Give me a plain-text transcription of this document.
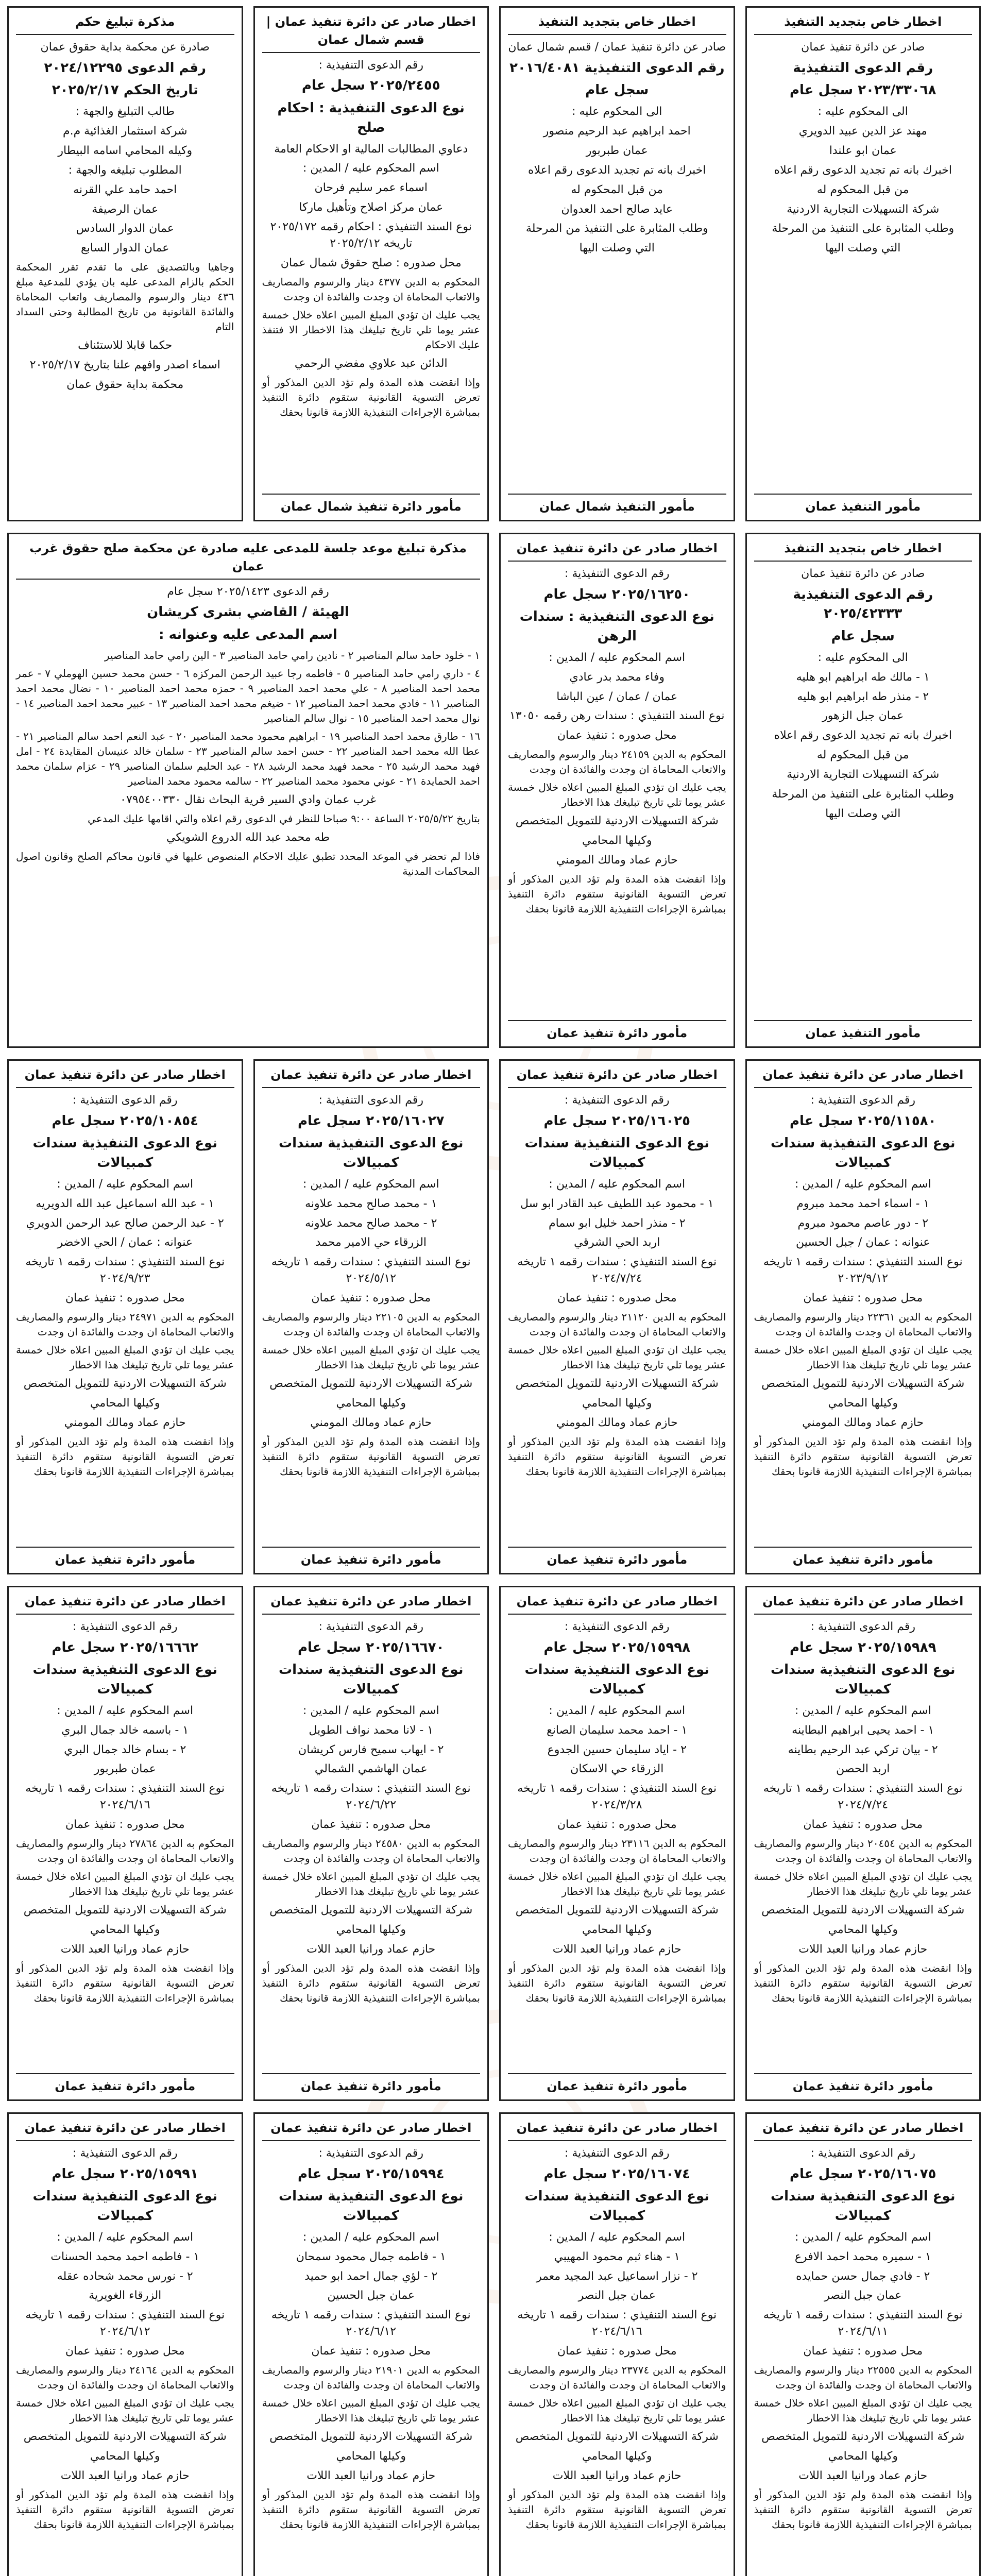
اخطار خاص بتجديد التنفيذ

صادر عن دائرة تنفيذ عمان

رقم الدعوى التنفيذية

٢٠٢٣/٣٣٠٦٨ سجل عام

الى المحكوم عليه :

مهند عز الدين عبيد الدويري

عمان ابو علندا

اخبرك بانه تم تجديد الدعوى رقم اعلاه

من قبل المحكوم له

شركة التسهيلات التجارية الاردنية

وطلب المثابرة على التنفيذ من المرحلة

التي وصلت اليها

مأمور التنفيذ عمان
اخطار خاص بتجديد التنفيذ

صادر عن دائرة تنفيذ عمان / قسم شمال عمان

رقم الدعوى التنفيذية ٢٠١٦/٤٠٨١

سجل عام

الى المحكوم عليه :

احمد ابراهيم عبد الرحيم منصور

عمان طبربور

اخبرك بانه تم تجديد الدعوى رقم اعلاه

من قبل المحكوم له

عايد صالح احمد العدوان

وطلب المثابرة على التنفيذ من المرحلة

التي وصلت اليها

مأمور التنفيذ شمال عمان
اخطار صادر عن دائرة تنفيذ عمان | قسم شمال عمان

رقم الدعوى التنفيذية :

٢٠٢٥/٢٤٥٥ سجل عام

نوع الدعوى التنفيذية : احكام صلح

دعاوي المطالبات المالية او الاحكام العامة

اسم المحكوم عليه / المدين :

اسماء عمر سليم فرحان

عمان مركز اصلاح وتأهيل ماركا

نوع السند التنفيذي : احكام رقمه ٢٠٢٥/١٧٢ تاريخه ٢٠٢٥/٢/١٢

محل صدوره : صلح حقوق شمال عمان

المحكوم به الدين ٤٣٧٧ دينار والرسوم والمصاريف والاتعاب المحاماة ان وجدت والفائدة ان وجدت

يجب عليك ان تؤدي المبلغ المبين اعلاه خلال خمسة عشر يوما تلي تاريخ تبليغك هذا الاخطار الا فتنفذ عليك الاحكام

الدائن عبد علاوي مفضي الرحمي

وإذا انقضت هذه المدة ولم تؤد الدين المذكور أو تعرض التسوية القانونية ستقوم دائرة التنفيذ بمباشرة الإجراءات التنفيذية اللازمة قانونا بحقك

مأمور دائرة تنفيذ شمال عمان
مذكرة تبليغ حكم

صادرة عن محكمة بداية حقوق عمان

رقم الدعوى ٢٠٢٤/١٢٢٩٥

تاريخ الحكم ٢٠٢٥/٢/١٧

طالب التبليغ والجهة :

شركة استثمار الغذائية م.م

وكيله المحامي اسامه البيطار

المطلوب تبليغه والجهة :

احمد حامد علي القرنه

عمان الرصيفة

عمان الدوار السادس

عمان الدوار السابع

وجاهيا وبالتصديق على ما تقدم تقرر المحكمة الحكم بالزام المدعى عليه بان يؤدي للمدعية مبلغ ٤٣٦ دينار والرسوم والمصاريف واتعاب المحاماة والفائدة القانونية من تاريخ المطالبة وحتى السداد التام

حكما قابلا للاستئناف

اسماء اصدر وافهم علنا بتاريخ ٢٠٢٥/٢/١٧

محكمة بداية حقوق عمان

اخطار خاص بتجديد التنفيذ

صادر عن دائرة تنفيذ عمان

رقم الدعوى التنفيذية ٢٠٢٥/٤٢٣٣٣

سجل عام

الى المحكوم عليه :

١ - مالك طه ابراهيم ابو هليه

٢ - منذر طه ابراهيم ابو هليه

عمان جبل الزهور

اخبرك بانه تم تجديد الدعوى رقم اعلاه

من قبل المحكوم له

شركة التسهيلات التجارية الاردنية

وطلب المثابرة على التنفيذ من المرحلة

التي وصلت اليها

مأمور التنفيذ عمان
اخطار صادر عن دائرة تنفيذ عمان

رقم الدعوى التنفيذية :

٢٠٢٥/١٦٢٥٠ سجل عام

نوع الدعوى التنفيذية : سندات الرهن

اسم المحكوم عليه / المدين :

وفاء محمد بدر عادي

عمان / عمان / عين الباشا

نوع السند التنفيذي : سندات رهن رقمه ١٣٠٥٠

محل صدوره : تنفيذ عمان

المحكوم به الدين ٢٤١٥٩ دينار والرسوم والمصاريف والاتعاب المحاماة ان وجدت والفائدة ان وجدت

يجب عليك ان تؤدي المبلغ المبين اعلاه خلال خمسة عشر يوما تلي تاريخ تبليغك هذا الاخطار

شركة التسهيلات الاردنية للتمويل المتخصص

وكيلها المحامي

حازم عماد ومالك المومني

وإذا انقضت هذه المدة ولم تؤد الدين المذكور أو تعرض التسوية القانونية ستقوم دائرة التنفيذ بمباشرة الإجراءات التنفيذية اللازمة قانونا بحقك

مأمور دائرة تنفيذ عمان
مذكرة تبليغ موعد جلسة للمدعى عليه صادرة عن محكمة صلح حقوق غرب عمان

رقم الدعوى ٢٠٢٥/١٤٢٣ سجل عام

الهيئة / القاضي بشرى كريشان

اسم المدعى عليه وعنوانه :

١ - خلود حامد سالم المناصير ٢ - نادين رامي حامد المناصير ٣ - الين رامي حامد المناصير

٤ - داري رامي حامد المناصير ٥ - فاطمه رجا عبيد الرحمن المركزه ٦ - حسن محمد حسين الهوملي ٧ - عمر محمد احمد المناصير ٨ - علي محمد احمد المناصير ٩ - حمزه محمد احمد المناصير ١٠ - نضال محمد احمد المناصير ١١ - فادي محمد احمد المناصير ١٢ - ضيغم محمد احمد المناصير ١٣ - عبير محمد احمد المناصير ١٤ - نوال محمد احمد المناصير ١٥ - نوال سالم المناصير

١٦ - طارق محمد احمد المناصير ١٩ - ابراهيم محمود محمد المناصير ٢٠ - عبد النعم احمد سالم المناصير ٢١ - عطا الله محمد احمد المناصير ٢٢ - حسن احمد سالم المناصير ٢٣ - سلمان خالد عنيسان المقايدة ٢٤ - امل فهيد محمد الرشيد ٢٥ - محمد فهيد محمد الرشيد ٢٨ - عبد الحليم سلمان المناصير ٢٩ - عزام سلمان محمد احمد الحمايدة ٢١ - عوني محمود محمد المناصير ٢٢ - سالمه محمود محمد المناصير

غرب عمان وادي السير قرية البحاث نقال ٠٧٩٥٤٠٠٣٣٠

بتاريخ ٢٠٢٥/٥/٢٢ الساعة ٩:٠٠ صباحا للنظر في الدعوى رقم اعلاه والتي اقامها عليك المدعي

طه محمد عبد الله الدروع الشويكي

فاذا لم تحضر في الموعد المحدد تطبق عليك الاحكام المنصوص عليها في قانون محاكم الصلح وقانون اصول المحاكمات المدنية

اخطار صادر عن دائرة تنفيذ عمان

رقم الدعوى التنفيذية :

٢٠٢٥/١١٥٨٠ سجل عام

نوع الدعوى التنفيذية سندات كمبيالات

اسم المحكوم عليه / المدين :

١ - اسماء احمد محمد مبروم

٢ - دور عاصم محمود مبروم

عنوانه : عمان / جبل الحسين

نوع السند التنفيذي : سندات رقمه ١ تاريخه ٢٠٢٣/٩/١٢

محل صدوره : تنفيذ عمان

المحكوم به الدين ٢٢٣٦١ دينار والرسوم والمصاريف والاتعاب المحاماة ان وجدت والفائدة ان وجدت

يجب عليك ان تؤدي المبلغ المبين اعلاه خلال خمسة عشر يوما تلي تاريخ تبليغك هذا الاخطار

شركة التسهيلات الاردنية للتمويل المتخصص

وكيلها المحامي

حازم عماد ومالك المومني

وإذا انقضت هذه المدة ولم تؤد الدين المذكور أو تعرض التسوية القانونية ستقوم دائرة التنفيذ بمباشرة الإجراءات التنفيذية اللازمة قانونا بحقك

مأمور دائرة تنفيذ عمان
اخطار صادر عن دائرة تنفيذ عمان

رقم الدعوى التنفيذية :

٢٠٢٥/١٦٠٢٥ سجل عام

نوع الدعوى التنفيذية سندات كمبيالات

اسم المحكوم عليه / المدين :

١ - محمود عبد اللطيف عبد القادر ابو سل

٢ - منذر احمد خليل ابو سمام

اربد الحي الشرقي

نوع السند التنفيذي : سندات رقمه ١ تاريخه ٢٠٢٤/٧/٢٤

محل صدوره : تنفيذ عمان

المحكوم به الدين ٢١١٢٠ دينار والرسوم والمصاريف والاتعاب المحاماة ان وجدت والفائدة ان وجدت

يجب عليك ان تؤدي المبلغ المبين اعلاه خلال خمسة عشر يوما تلي تاريخ تبليغك هذا الاخطار

شركة التسهيلات الاردنية للتمويل المتخصص

وكيلها المحامي

حازم عماد ومالك المومني

وإذا انقضت هذه المدة ولم تؤد الدين المذكور أو تعرض التسوية القانونية ستقوم دائرة التنفيذ بمباشرة الإجراءات التنفيذية اللازمة قانونا بحقك

مأمور دائرة تنفيذ عمان
اخطار صادر عن دائرة تنفيذ عمان

رقم الدعوى التنفيذية :

٢٠٢٥/١٦٠٢٧ سجل عام

نوع الدعوى التنفيذية سندات كمبيالات

اسم المحكوم عليه / المدين :

١ - محمد صالح محمد علاونه

٢ - محمد صالح محمد علاونه

الزرقاء حي الامير محمد

نوع السند التنفيذي : سندات رقمه ١ تاريخه ٢٠٢٤/٥/١٢

محل صدوره : تنفيذ عمان

المحكوم به الدين ٢٢١٠٥ دينار والرسوم والمصاريف والاتعاب المحاماة ان وجدت والفائدة ان وجدت

يجب عليك ان تؤدي المبلغ المبين اعلاه خلال خمسة عشر يوما تلي تاريخ تبليغك هذا الاخطار

شركة التسهيلات الاردنية للتمويل المتخصص

وكيلها المحامي

حازم عماد ومالك المومني

وإذا انقضت هذه المدة ولم تؤد الدين المذكور أو تعرض التسوية القانونية ستقوم دائرة التنفيذ بمباشرة الإجراءات التنفيذية اللازمة قانونا بحقك

مأمور دائرة تنفيذ عمان
اخطار صادر عن دائرة تنفيذ عمان

رقم الدعوى التنفيذية :

٢٠٢٥/١٠٨٥٤ سجل عام

نوع الدعوى التنفيذية سندات كمبيالات

اسم المحكوم عليه / المدين :

١ - عبد الله اسماعيل عبد الله الدويريه

٢ - عبد الرحمن صالح عبد الرحمن الدويري

عنوانه : عمان / الحي الاخضر

نوع السند التنفيذي : سندات رقمه ١ تاريخه ٢٠٢٤/٩/٢٣

محل صدوره : تنفيذ عمان

المحكوم به الدين ٢٤٩٧١ دينار والرسوم والمصاريف والاتعاب المحاماة ان وجدت والفائدة ان وجدت

يجب عليك ان تؤدي المبلغ المبين اعلاه خلال خمسة عشر يوما تلي تاريخ تبليغك هذا الاخطار

شركة التسهيلات الاردنية للتمويل المتخصص

وكيلها المحامي

حازم عماد ومالك المومني

وإذا انقضت هذه المدة ولم تؤد الدين المذكور أو تعرض التسوية القانونية ستقوم دائرة التنفيذ بمباشرة الإجراءات التنفيذية اللازمة قانونا بحقك

مأمور دائرة تنفيذ عمان
اخطار صادر عن دائرة تنفيذ عمان

رقم الدعوى التنفيذية :

٢٠٢٥/١٥٩٨٩ سجل عام

نوع الدعوى التنفيذية سندات كمبيالات

اسم المحكوم عليه / المدين :

١ - احمد يحيى ابراهيم البطاينه

٢ - بيان تركي عبد الرحيم بطاينه

اربد الحصن

نوع السند التنفيذي : سندات رقمه ١ تاريخه ٢٠٢٤/٧/٢٤

محل صدوره : تنفيذ عمان

المحكوم به الدين ٢٠٤٥٤ دينار والرسوم والمصاريف والاتعاب المحاماة ان وجدت والفائدة ان وجدت

يجب عليك ان تؤدي المبلغ المبين اعلاه خلال خمسة عشر يوما تلي تاريخ تبليغك هذا الاخطار

شركة التسهيلات الاردنية للتمويل المتخصص

وكيلها المحامي

حازم عماد ورانيا العبد اللات

وإذا انقضت هذه المدة ولم تؤد الدين المذكور أو تعرض التسوية القانونية ستقوم دائرة التنفيذ بمباشرة الإجراءات التنفيذية اللازمة قانونا بحقك

مأمور دائرة تنفيذ عمان
اخطار صادر عن دائرة تنفيذ عمان

رقم الدعوى التنفيذية :

٢٠٢٥/١٥٩٩٨ سجل عام

نوع الدعوى التنفيذية سندات كمبيالات

اسم المحكوم عليه / المدين :

١ - احمد محمد سليمان الصانع

٢ - اياد سليمان حسين الجدوع

الزرقاء حي الاسكان

نوع السند التنفيذي : سندات رقمه ١ تاريخه ٢٠٢٤/٣/٢٨

محل صدوره : تنفيذ عمان

المحكوم به الدين ٢٣١١٦ دينار والرسوم والمصاريف والاتعاب المحاماة ان وجدت والفائدة ان وجدت

يجب عليك ان تؤدي المبلغ المبين اعلاه خلال خمسة عشر يوما تلي تاريخ تبليغك هذا الاخطار

شركة التسهيلات الاردنية للتمويل المتخصص

وكيلها المحامي

حازم عماد ورانيا العبد اللات

وإذا انقضت هذه المدة ولم تؤد الدين المذكور أو تعرض التسوية القانونية ستقوم دائرة التنفيذ بمباشرة الإجراءات التنفيذية اللازمة قانونا بحقك

مأمور دائرة تنفيذ عمان
اخطار صادر عن دائرة تنفيذ عمان

رقم الدعوى التنفيذية :

٢٠٢٥/١٦٦٧٠ سجل عام

نوع الدعوى التنفيذية سندات كمبيالات

اسم المحكوم عليه / المدين :

١ - لانا محمد نواف الطويل

٢ - ايهاب سميح فارس كريشان

عمان الهاشمي الشمالي

نوع السند التنفيذي : سندات رقمه ١ تاريخه ٢٠٢٤/٦/٢٢

محل صدوره : تنفيذ عمان

المحكوم به الدين ٢٤٥٨٠ دينار والرسوم والمصاريف والاتعاب المحاماة ان وجدت والفائدة ان وجدت

يجب عليك ان تؤدي المبلغ المبين اعلاه خلال خمسة عشر يوما تلي تاريخ تبليغك هذا الاخطار

شركة التسهيلات الاردنية للتمويل المتخصص

وكيلها المحامي

حازم عماد ورانيا العبد اللات

وإذا انقضت هذه المدة ولم تؤد الدين المذكور أو تعرض التسوية القانونية ستقوم دائرة التنفيذ بمباشرة الإجراءات التنفيذية اللازمة قانونا بحقك

مأمور دائرة تنفيذ عمان
اخطار صادر عن دائرة تنفيذ عمان

رقم الدعوى التنفيذية :

٢٠٢٥/١٦٦٦٢ سجل عام

نوع الدعوى التنفيذية سندات كمبيالات

اسم المحكوم عليه / المدين :

١ - باسمه خالد جمال البري

٢ - بسام خالد جمال البري

عمان طبربور

نوع السند التنفيذي : سندات رقمه ١ تاريخه ٢٠٢٤/٦/١٦

محل صدوره : تنفيذ عمان

المحكوم به الدين ٢٧٨٦٤ دينار والرسوم والمصاريف والاتعاب المحاماة ان وجدت والفائدة ان وجدت

يجب عليك ان تؤدي المبلغ المبين اعلاه خلال خمسة عشر يوما تلي تاريخ تبليغك هذا الاخطار

شركة التسهيلات الاردنية للتمويل المتخصص

وكيلها المحامي

حازم عماد ورانيا العبد اللات

وإذا انقضت هذه المدة ولم تؤد الدين المذكور أو تعرض التسوية القانونية ستقوم دائرة التنفيذ بمباشرة الإجراءات التنفيذية اللازمة قانونا بحقك

مأمور دائرة تنفيذ عمان
اخطار صادر عن دائرة تنفيذ عمان

رقم الدعوى التنفيذية :

٢٠٢٥/١٦٠٧٥ سجل عام

نوع الدعوى التنفيذية سندات كمبيالات

اسم المحكوم عليه / المدين :

١ - سميره محمد احمد الافرع

٢ - فادي جمال حسن حمايده

عمان جبل النصر

نوع السند التنفيذي : سندات رقمه ١ تاريخه ٢٠٢٤/٦/١١

محل صدوره : تنفيذ عمان

المحكوم به الدين ٢٢٥٥٥ دينار والرسوم والمصاريف والاتعاب المحاماة ان وجدت والفائدة ان وجدت

يجب عليك ان تؤدي المبلغ المبين اعلاه خلال خمسة عشر يوما تلي تاريخ تبليغك هذا الاخطار

شركة التسهيلات الاردنية للتمويل المتخصص

وكيلها المحامي

حازم عماد ورانيا العبد اللات

وإذا انقضت هذه المدة ولم تؤد الدين المذكور أو تعرض التسوية القانونية ستقوم دائرة التنفيذ بمباشرة الإجراءات التنفيذية اللازمة قانونا بحقك

اخطار صادر عن دائرة تنفيذ عمان

رقم الدعوى التنفيذية :

٢٠٢٥/١٦٠٧٤ سجل عام

نوع الدعوى التنفيذية سندات كمبيالات

اسم المحكوم عليه / المدين :

١ - هناء ثبم محمود المهيبي

٢ - نزار اسماعيل عبد المجيد معمر

عمان جبل النصر

نوع السند التنفيذي : سندات رقمه ١ تاريخه ٢٠٢٤/٦/١٦

محل صدوره : تنفيذ عمان

المحكوم به الدين ٢٣٧٧٤ دينار والرسوم والمصاريف والاتعاب المحاماة ان وجدت والفائدة ان وجدت

يجب عليك ان تؤدي المبلغ المبين اعلاه خلال خمسة عشر يوما تلي تاريخ تبليغك هذا الاخطار

شركة التسهيلات الاردنية للتمويل المتخصص

وكيلها المحامي

حازم عماد ورانيا العبد اللات

وإذا انقضت هذه المدة ولم تؤد الدين المذكور أو تعرض التسوية القانونية ستقوم دائرة التنفيذ بمباشرة الإجراءات التنفيذية اللازمة قانونا بحقك

اخطار صادر عن دائرة تنفيذ عمان

رقم الدعوى التنفيذية :

٢٠٢٥/١٥٩٩٤ سجل عام

نوع الدعوى التنفيذية سندات كمبيالات

اسم المحكوم عليه / المدين :

١ - فاطمه جمال محمود سمحان

٢ - لؤي جمال احمد ابو حميد

عمان جبل الحسين

نوع السند التنفيذي : سندات رقمه ١ تاريخه ٢٠٢٤/٦/١٢

محل صدوره : تنفيذ عمان

المحكوم به الدين ٢١٩٠١ دينار والرسوم والمصاريف والاتعاب المحاماة ان وجدت والفائدة ان وجدت

يجب عليك ان تؤدي المبلغ المبين اعلاه خلال خمسة عشر يوما تلي تاريخ تبليغك هذا الاخطار

شركة التسهيلات الاردنية للتمويل المتخصص

وكيلها المحامي

حازم عماد ورانيا العبد اللات

وإذا انقضت هذه المدة ولم تؤد الدين المذكور أو تعرض التسوية القانونية ستقوم دائرة التنفيذ بمباشرة الإجراءات التنفيذية اللازمة قانونا بحقك

اخطار صادر عن دائرة تنفيذ عمان

رقم الدعوى التنفيذية :

٢٠٢٥/١٥٩٩١ سجل عام

نوع الدعوى التنفيذية سندات كمبيالات

اسم المحكوم عليه / المدين :

١ - فاطمه احمد محمد الحسنات

٢ - نورس محمد شحاده عقله

الزرقاء الغويرية

نوع السند التنفيذي : سندات رقمه ١ تاريخه ٢٠٢٤/٦/١٢

محل صدوره : تنفيذ عمان

المحكوم به الدين ٢٤١٦٤ دينار والرسوم والمصاريف والاتعاب المحاماة ان وجدت والفائدة ان وجدت

يجب عليك ان تؤدي المبلغ المبين اعلاه خلال خمسة عشر يوما تلي تاريخ تبليغك هذا الاخطار

شركة التسهيلات الاردنية للتمويل المتخصص

وكيلها المحامي

حازم عماد ورانيا العبد اللات

وإذا انقضت هذه المدة ولم تؤد الدين المذكور أو تعرض التسوية القانونية ستقوم دائرة التنفيذ بمباشرة الإجراءات التنفيذية اللازمة قانونا بحقك
